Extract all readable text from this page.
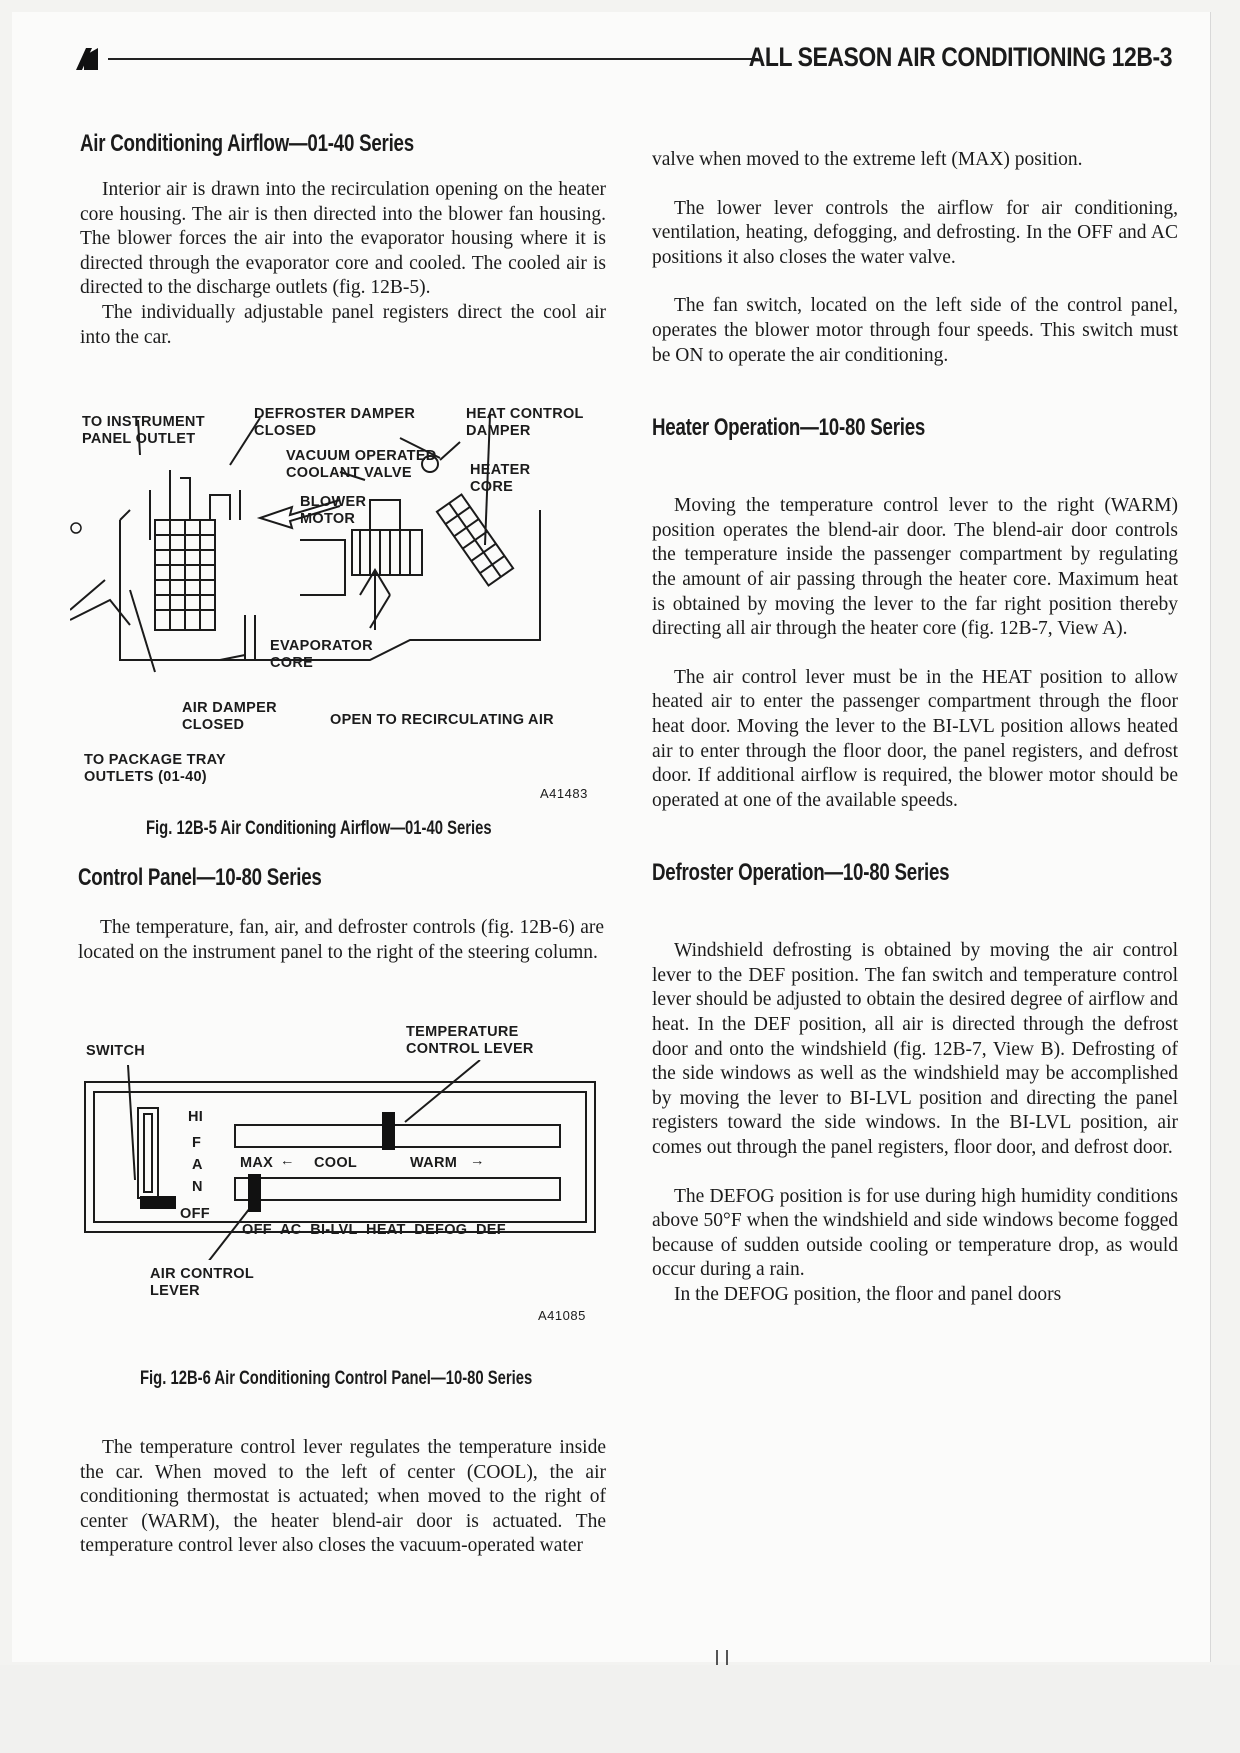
ALL SEASON AIR CONDITIONING 12B-3
Air Conditioning Airflow—01-40 Series

Interior air is drawn into the recirculation opening on the heater core housing. The air is then directed into the blower fan housing. The blower forces the air into the evaporator housing where it is directed through the evaporator core and cooled. The cooled air is directed to the discharge outlets (fig. 12B-5).

The individually adjustable panel registers direct the cool air into the car.

TO INSTRUMENT
PANEL OUTLET
DEFROSTER DAMPER
CLOSED
HEAT CONTROL
DAMPER
VACUUM OPERATED
COOLANT VALVE	HEATER
CORE
BLOWER
MOTOR
EVAPORATOR
CORE
AIR DAMPER
CLOSED	OPEN TO RECIRCULATING AIR
TO PACKAGE TRAY
OUTLETS (01-40)
A41483
Fig. 12B-5 Air Conditioning Airflow—01-40 Series
Control Panel—10-80 Series

The temperature, fan, air, and defroster controls (fig. 12B-6) are located on the instrument panel to the right of the steering column.

SWITCH
TEMPERATURE
CONTROL LEVER
HI
F
A
N
OFF
MAX ← COOL	WARM →
OFF  AC  BI-LVL  HEAT  DEFOG  DEF
AIR CONTROL
LEVER
A41085
Fig. 12B-6 Air Conditioning Control Panel—10-80 Series

The temperature control lever regulates the temperature inside the car. When moved to the left of center (COOL), the air conditioning thermostat is actuated; when moved to the right of center (WARM), the heater blend-air door is actuated. The temperature control lever also closes the vacuum-operated water

valve when moved to the extreme left (MAX) position.

The lower lever controls the airflow for air conditioning, ventilation, heating, defogging, and defrosting. In the OFF and AC positions it also closes the water valve.

The fan switch, located on the left side of the control panel, operates the blower motor through four speeds. This switch must be ON to operate the air conditioning.

Heater Operation—10-80 Series

Moving the temperature control lever to the right (WARM) position operates the blend-air door. The blend-air door controls the temperature inside the passenger compartment by regulating the amount of air passing through the heater core. Maximum heat is obtained by moving the lever to the far right position thereby directing all air through the heater core (fig. 12B-7, View A).

The air control lever must be in the HEAT position to allow heated air to enter the passenger compartment through the floor heat door. Moving the lever to the BI-LVL position allows heated air to enter through the floor door, the panel registers, and defrost door. If additional airflow is required, the blower motor should be operated at one of the available speeds.

Defroster Operation—10-80 Series

Windshield defrosting is obtained by moving the air control lever to the DEF position. The fan switch and temperature control lever should be adjusted to obtain the desired degree of airflow and heat. In the DEF position, all air is directed through the defrost door and onto the windshield (fig. 12B-7, View B). Defrosting of the side windows as well as the windshield may be accomplished by moving the lever to BI-LVL position and directing the panel registers toward the side windows. In the BI-LVL position, air comes out through the panel registers, floor door, and defrost door.

The DEFOG position is for use during high humidity conditions above 50°F when the windshield and side windows become fogged because of sudden outside cooling or temperature drop, as would occur during a rain.

In the DEFOG position, the floor and panel doors
